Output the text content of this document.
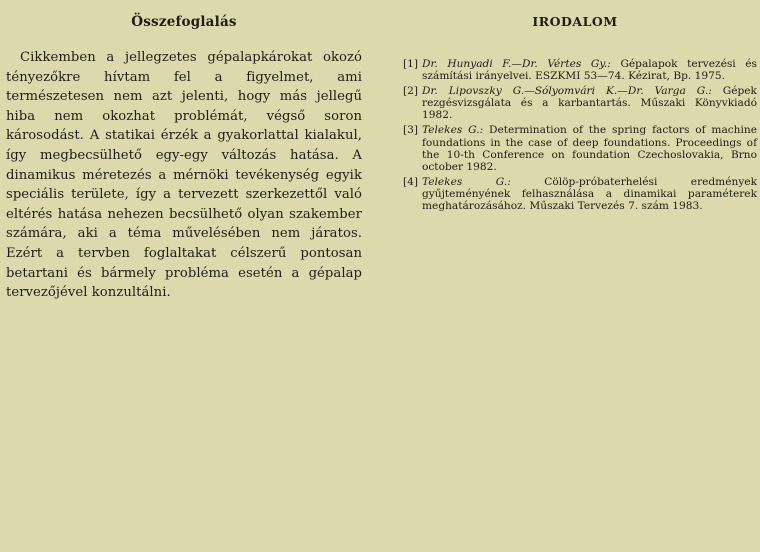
Összefoglalás

Cikkemben a jellegzetes gépalapkárokat okozó tényezőkre hívtam fel a figyelmet, ami természetesen nem azt jelenti, hogy más jellegű hiba nem okozhat problémát, végső soron károsodást. A statikai érzék a gyakorlattal kialakul, így megbecsülhető egy-egy változás hatása. A dinamikus méretezés a mérnöki tevékenység egyik speciális területe, így a tervezett szerkezettől való eltérés hatása nehezen becsülhető olyan szakember számára, aki a téma művelésében nem járatos. Ezért a tervben foglaltakat célszerű pontosan betartani és bármely probléma esetén a gépalap tervezőjével konzultálni.

IRODALOM
[1] Dr. Hunyadi F.—Dr. Vértes Gy.: Gépalapok tervezési és számítási irányelvei. ESZKMI 53—74. Kézirat, Bp. 1975.
[2] Dr. Lipovszky G.—Sólyomvári K.—Dr. Varga G.: Gépek rezgésvizsgálata és a karbantartás. Műszaki Könyvkiadó 1982.
[3] Telekes G.: Determination of the spring factors of machine foundations in the case of deep foundations. Proceedings of the 10-th Conference on foundation Czechoslovakia, Brno october 1982.
[4] Telekes G.: Cölöp-próbaterhelési eredmények gyűjteményének felhasználása a dinamikai paraméterek meghatározásához. Műszaki Tervezés 7. szám 1983.
